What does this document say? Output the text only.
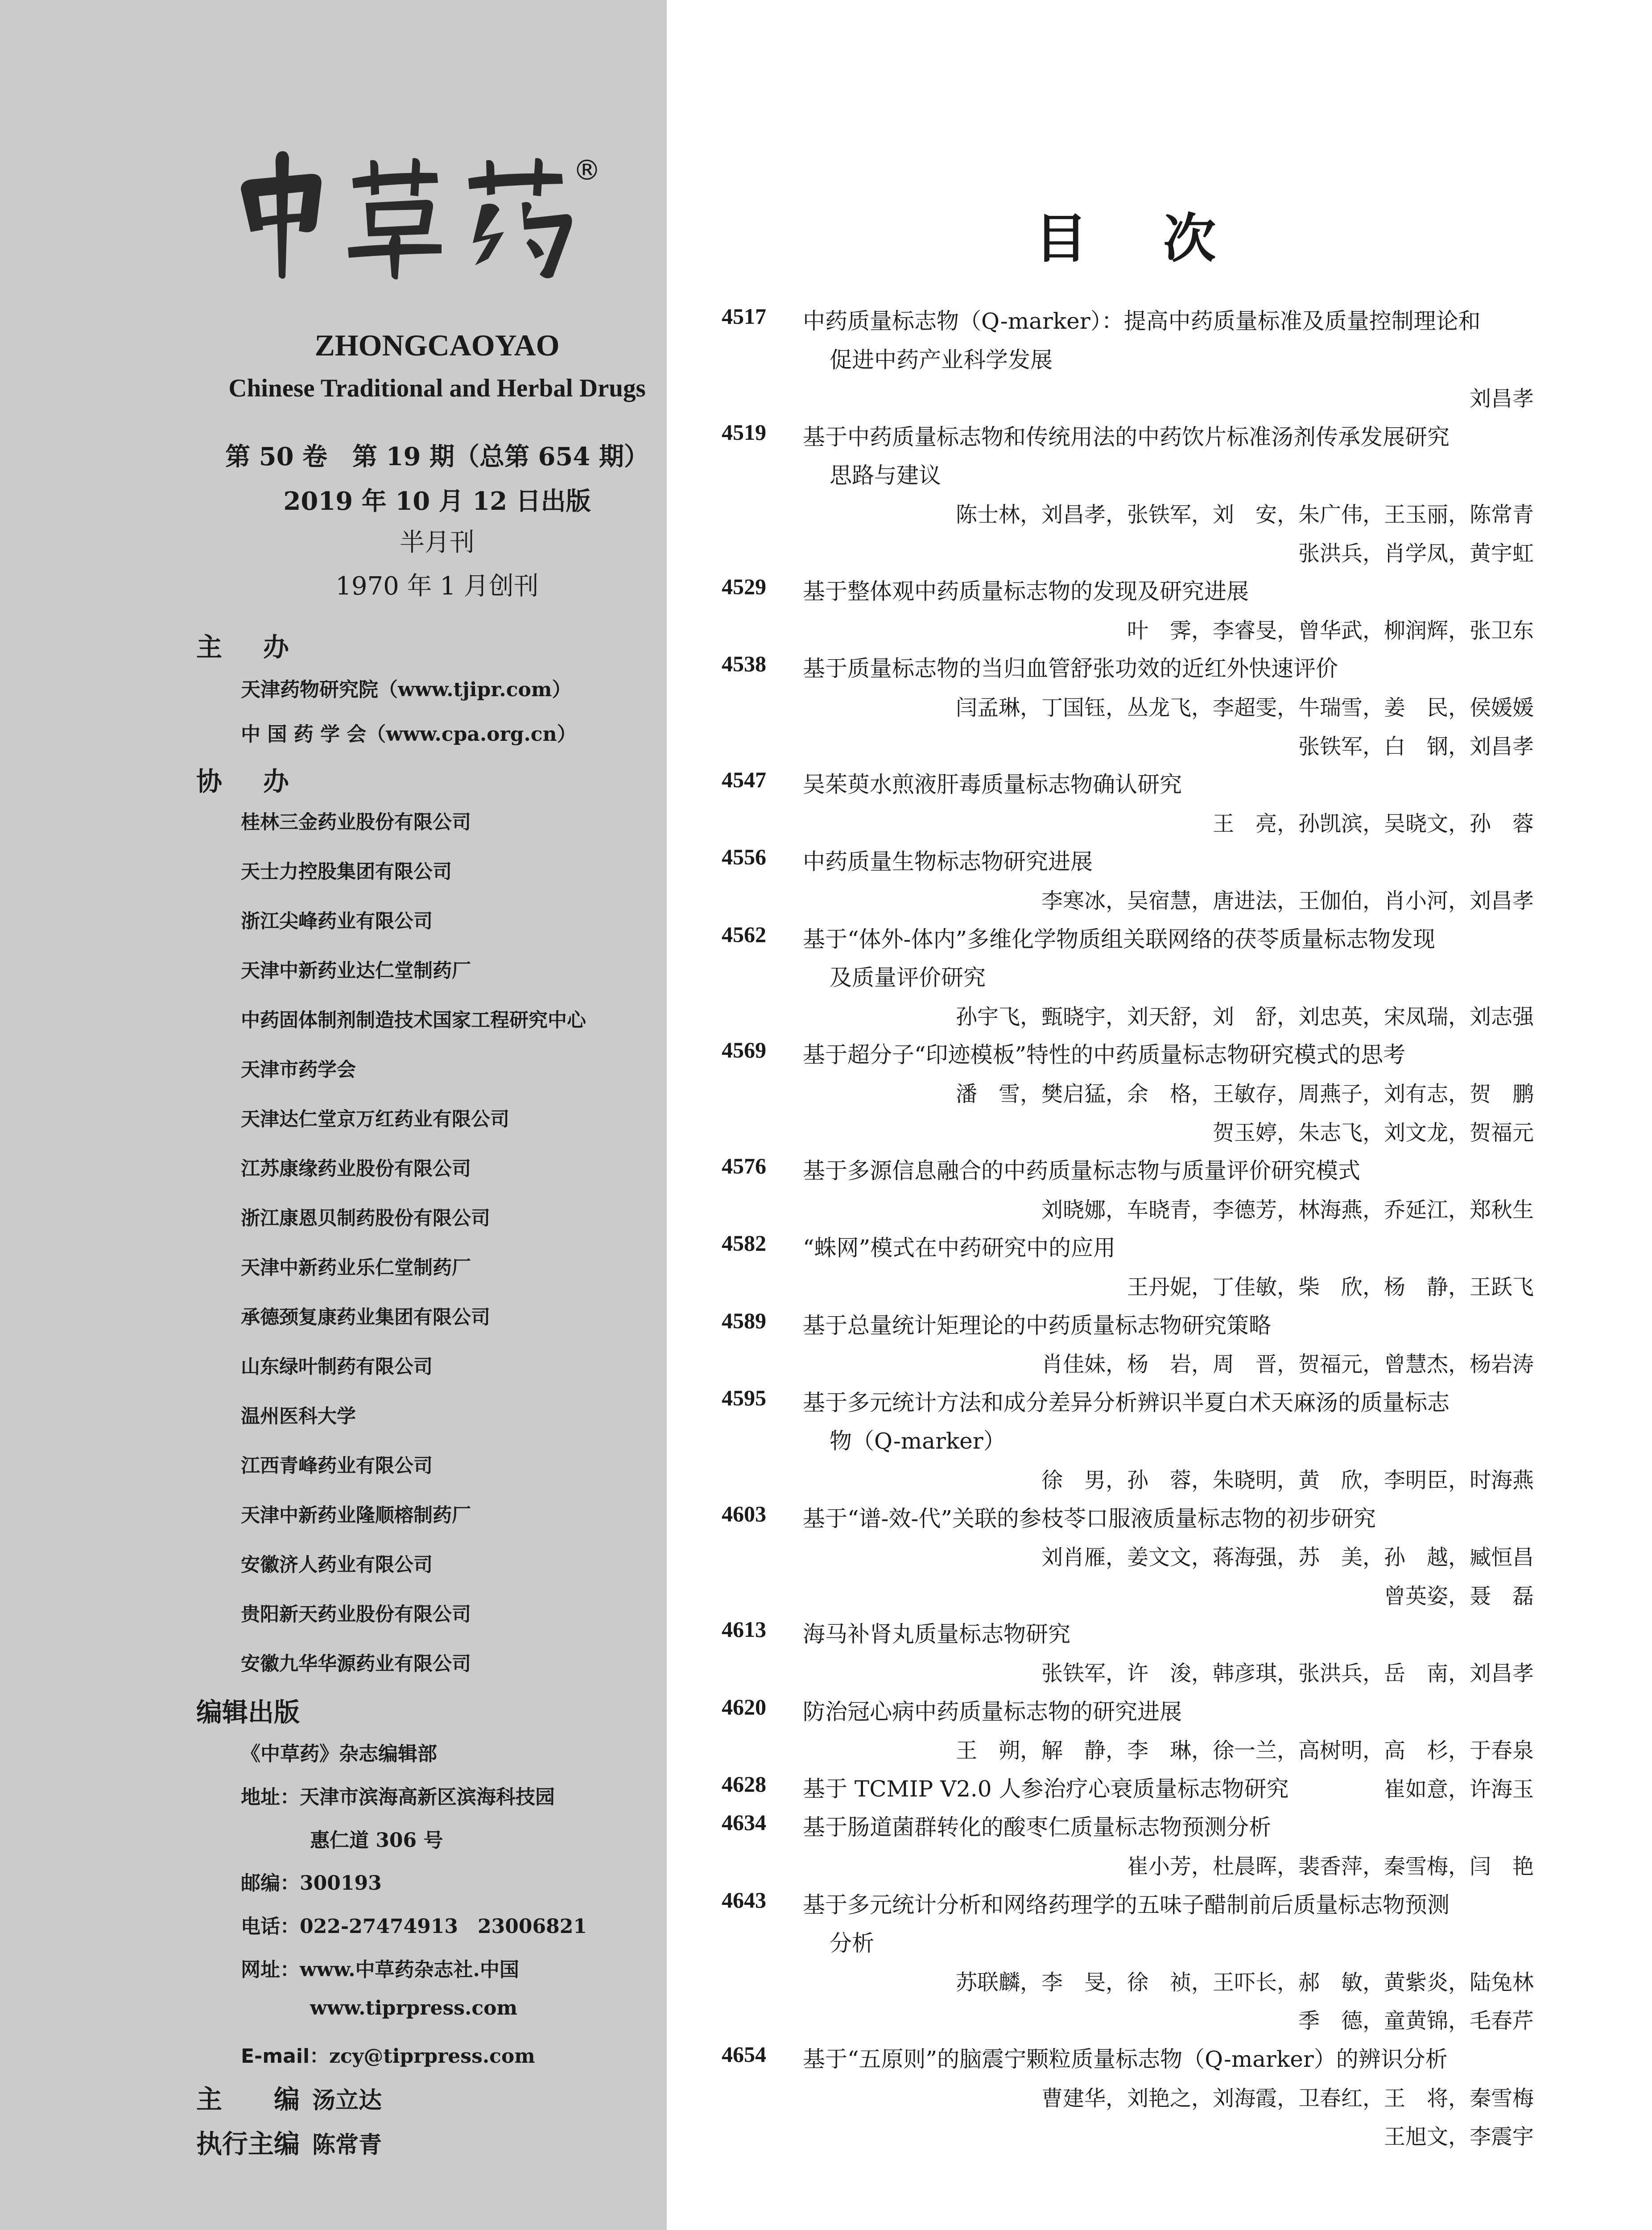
®
ZHONGCAOYAO
Chinese Traditional and Herbal Drugs
第 50 卷　第 19 期（总第 654 期）
2019 年 10 月 12 日出版
半月刊
1970 年 1 月创刊
主 办
天津药物研究院（www.tjipr.com）
中 国 药 学 会（www.cpa.org.cn）
协 办
桂林三金药业股份有限公司
天士力控股集团有限公司
浙江尖峰药业有限公司
天津中新药业达仁堂制药厂
中药固体制剂制造技术国家工程研究中心
天津市药学会
天津达仁堂京万红药业有限公司
江苏康缘药业股份有限公司
浙江康恩贝制药股份有限公司
天津中新药业乐仁堂制药厂
承德颈复康药业集团有限公司
山东绿叶制药有限公司
温州医科大学
江西青峰药业有限公司
天津中新药业隆顺榕制药厂
安徽济人药业有限公司
贵阳新天药业股份有限公司
安徽九华华源药业有限公司
编辑出版
《中草药》杂志编辑部
地址：天津市滨海高新区滨海科技园
惠仁道 306 号
邮编：300193
电话：022-27474913　23006821
网址：www.中草药杂志社.中国
www.tiprpress.com
E-mail：zcy@tiprpress.com
主　　编 汤立达
执行主编 陈常青
目次
4517 中药质量标志物（Q-marker）：提高中药质量标准及质量控制理论和
促进中药产业科学发展
刘昌孝
4519 基于中药质量标志物和传统用法的中药饮片标准汤剂传承发展研究
思路与建议
陈士林，刘昌孝，张铁军，刘　安，朱广伟，王玉丽，陈常青
张洪兵，肖学凤，黄宇虹
4529 基于整体观中药质量标志物的发现及研究进展
叶　霁，李睿旻，曾华武，柳润辉，张卫东
4538 基于质量标志物的当归血管舒张功效的近红外快速评价
闫孟琳，丁国钰，丛龙飞，李超雯，牛瑞雪，姜　民，侯媛媛
张铁军，白　钢，刘昌孝
4547 吴茱萸水煎液肝毒质量标志物确认研究
王　亮，孙凯滨，吴晓文，孙　蓉
4556 中药质量生物标志物研究进展
李寒冰，吴宿慧，唐进法，王伽伯，肖小河，刘昌孝
4562 基于“体外-体内”多维化学物质组关联网络的茯苓质量标志物发现
及质量评价研究
孙宇飞，甄晓宇，刘天舒，刘　舒，刘忠英，宋凤瑞，刘志强
4569 基于超分子“印迹模板”特性的中药质量标志物研究模式的思考
潘　雪，樊启猛，余　格，王敏存，周燕子，刘有志，贺　鹏
贺玉婷，朱志飞，刘文龙，贺福元
4576 基于多源信息融合的中药质量标志物与质量评价研究模式
刘晓娜，车晓青，李德芳，林海燕，乔延江，郑秋生
4582 “蛛网”模式在中药研究中的应用
王丹妮，丁佳敏，柴　欣，杨　静，王跃飞
4589 基于总量统计矩理论的中药质量标志物研究策略
肖佳妹，杨　岩，周　晋，贺福元，曾慧杰，杨岩涛
4595 基于多元统计方法和成分差异分析辨识半夏白术天麻汤的质量标志
物（Q-marker）
徐　男，孙　蓉，朱晓明，黄　欣，李明臣，时海燕
4603 基于“谱-效-代”关联的参枝苓口服液质量标志物的初步研究
刘肖雁，姜文文，蒋海强，苏　美，孙　越，臧恒昌
曾英姿，聂　磊
4613 海马补肾丸质量标志物研究
张铁军，许　浚，韩彦琪，张洪兵，岳　南，刘昌孝
4620 防治冠心病中药质量标志物的研究进展
王　朔，解　静，李　琳，徐一兰，高树明，高　杉，于春泉
4628 基于 TCMIP V2.0 人参治疗心衰质量标志物研究	崔如意，许海玉
4634 基于肠道菌群转化的酸枣仁质量标志物预测分析
崔小芳，杜晨晖，裴香萍，秦雪梅，闫　艳
4643 基于多元统计分析和网络药理学的五味子醋制前后质量标志物预测
分析
苏联麟，李　旻，徐　祯，王吓长，郝　敏，黄紫炎，陆兔林
季　德，童黄锦，毛春芹
4654 基于“五原则”的脑震宁颗粒质量标志物（Q-marker）的辨识分析
曹建华，刘艳之，刘海霞，卫春红，王　将，秦雪梅
王旭文，李震宇
